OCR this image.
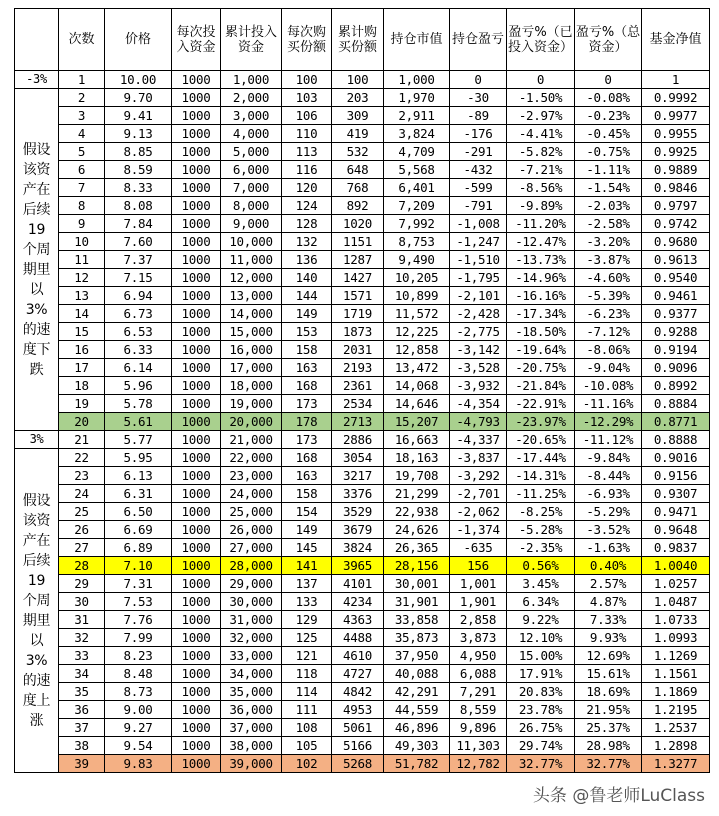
	次数	价格	每次投入资金	累计投入资金	每次购买份额	累计购买份额	持仓市值	持仓盈亏	盈亏%（已投入资金）	盈亏%（总资金）	基金净值
-3%	1	10.00	1000	1,000	100	100	1,000	0	0	0	1
假设该资产在后续19个周期里以3%的速度下跌	2	9.70	1000	2,000	103	203	1,970	-30	-1.50%	-0.08%	0.9992
	3	9.41	1000	3,000	106	309	2,911	-89	-2.97%	-0.23%	0.9977
	4	9.13	1000	4,000	110	419	3,824	-176	-4.41%	-0.45%	0.9955
	5	8.85	1000	5,000	113	532	4,709	-291	-5.82%	-0.75%	0.9925
	6	8.59	1000	6,000	116	648	5,568	-432	-7.21%	-1.11%	0.9889
	7	8.33	1000	7,000	120	768	6,401	-599	-8.56%	-1.54%	0.9846
	8	8.08	1000	8,000	124	892	7,209	-791	-9.89%	-2.03%	0.9797
	9	7.84	1000	9,000	128	1020	7,992	-1,008	-11.20%	-2.58%	0.9742
	10	7.60	1000	10,000	132	1151	8,753	-1,247	-12.47%	-3.20%	0.9680
	11	7.37	1000	11,000	136	1287	9,490	-1,510	-13.73%	-3.87%	0.9613
	12	7.15	1000	12,000	140	1427	10,205	-1,795	-14.96%	-4.60%	0.9540
	13	6.94	1000	13,000	144	1571	10,899	-2,101	-16.16%	-5.39%	0.9461
	14	6.73	1000	14,000	149	1719	11,572	-2,428	-17.34%	-6.23%	0.9377
	15	6.53	1000	15,000	153	1873	12,225	-2,775	-18.50%	-7.12%	0.9288
	16	6.33	1000	16,000	158	2031	12,858	-3,142	-19.64%	-8.06%	0.9194
	17	6.14	1000	17,000	163	2193	13,472	-3,528	-20.75%	-9.04%	0.9096
	18	5.96	1000	18,000	168	2361	14,068	-3,932	-21.84%	-10.08%	0.8992
	19	5.78	1000	19,000	173	2534	14,646	-4,354	-22.91%	-11.16%	0.8884
	20	5.61	1000	20,000	178	2713	15,207	-4,793	-23.97%	-12.29%	0.8771
3%	21	5.77	1000	21,000	173	2886	16,663	-4,337	-20.65%	-11.12%	0.8888
假设该资产在后续19个周期里以3%的速度上涨	22	5.95	1000	22,000	168	3054	18,163	-3,837	-17.44%	-9.84%	0.9016
	23	6.13	1000	23,000	163	3217	19,708	-3,292	-14.31%	-8.44%	0.9156
	24	6.31	1000	24,000	158	3376	21,299	-2,701	-11.25%	-6.93%	0.9307
	25	6.50	1000	25,000	154	3529	22,938	-2,062	-8.25%	-5.29%	0.9471
	26	6.69	1000	26,000	149	3679	24,626	-1,374	-5.28%	-3.52%	0.9648
	27	6.89	1000	27,000	145	3824	26,365	-635	-2.35%	-1.63%	0.9837
	28	7.10	1000	28,000	141	3965	28,156	156	0.56%	0.40%	1.0040
	29	7.31	1000	29,000	137	4101	30,001	1,001	3.45%	2.57%	1.0257
	30	7.53	1000	30,000	133	4234	31,901	1,901	6.34%	4.87%	1.0487
	31	7.76	1000	31,000	129	4363	33,858	2,858	9.22%	7.33%	1.0733
	32	7.99	1000	32,000	125	4488	35,873	3,873	12.10%	9.93%	1.0993
	33	8.23	1000	33,000	121	4610	37,950	4,950	15.00%	12.69%	1.1269
	34	8.48	1000	34,000	118	4727	40,088	6,088	17.91%	15.61%	1.1561
	35	8.73	1000	35,000	114	4842	42,291	7,291	20.83%	18.69%	1.1869
	36	9.00	1000	36,000	111	4953	44,559	8,559	23.78%	21.95%	1.2195
	37	9.27	1000	37,000	108	5061	46,896	9,896	26.75%	25.37%	1.2537
	38	9.54	1000	38,000	105	5166	49,303	11,303	29.74%	28.98%	1.2898
	39	9.83	1000	39,000	102	5268	51,782	12,782	32.77%	32.77%	1.3277
头条 @鲁老师LuClass
